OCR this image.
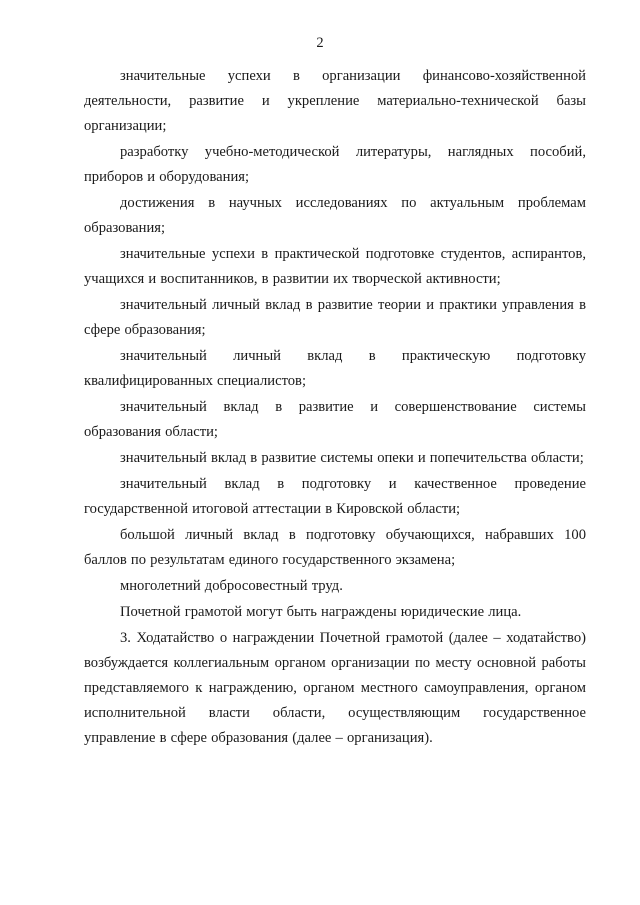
2

значительные успехи в организации финансово-хозяйственной деятельности, развитие и укрепление материально-технической базы организации;

разработку учебно-методической литературы, наглядных пособий, приборов и оборудования;

достижения в научных исследованиях по актуальным проблемам образования;

значительные успехи в практической подготовке студентов, аспирантов, учащихся и воспитанников, в развитии их творческой активности;

значительный личный вклад в развитие теории и практики управления в сфере образования;

значительный личный вклад в практическую подготовку квалифицированных специалистов;

значительный вклад в развитие и совершенствование системы образования области;

значительный вклад в развитие системы опеки и попечительства области;

значительный вклад в подготовку и качественное проведение государственной итоговой аттестации в Кировской области;

большой личный вклад в подготовку обучающихся, набравших 100 баллов по результатам единого государственного экзамена;

многолетний добросовестный труд.

Почетной грамотой могут быть награждены юридические лица.

3. Ходатайство о награждении Почетной грамотой (далее – ходатайство) возбуждается коллегиальным органом организации по месту основной работы представляемого к награждению, органом местного самоуправления, органом исполнительной власти области, осуществляющим государственное управление в сфере образования (далее – организация).
